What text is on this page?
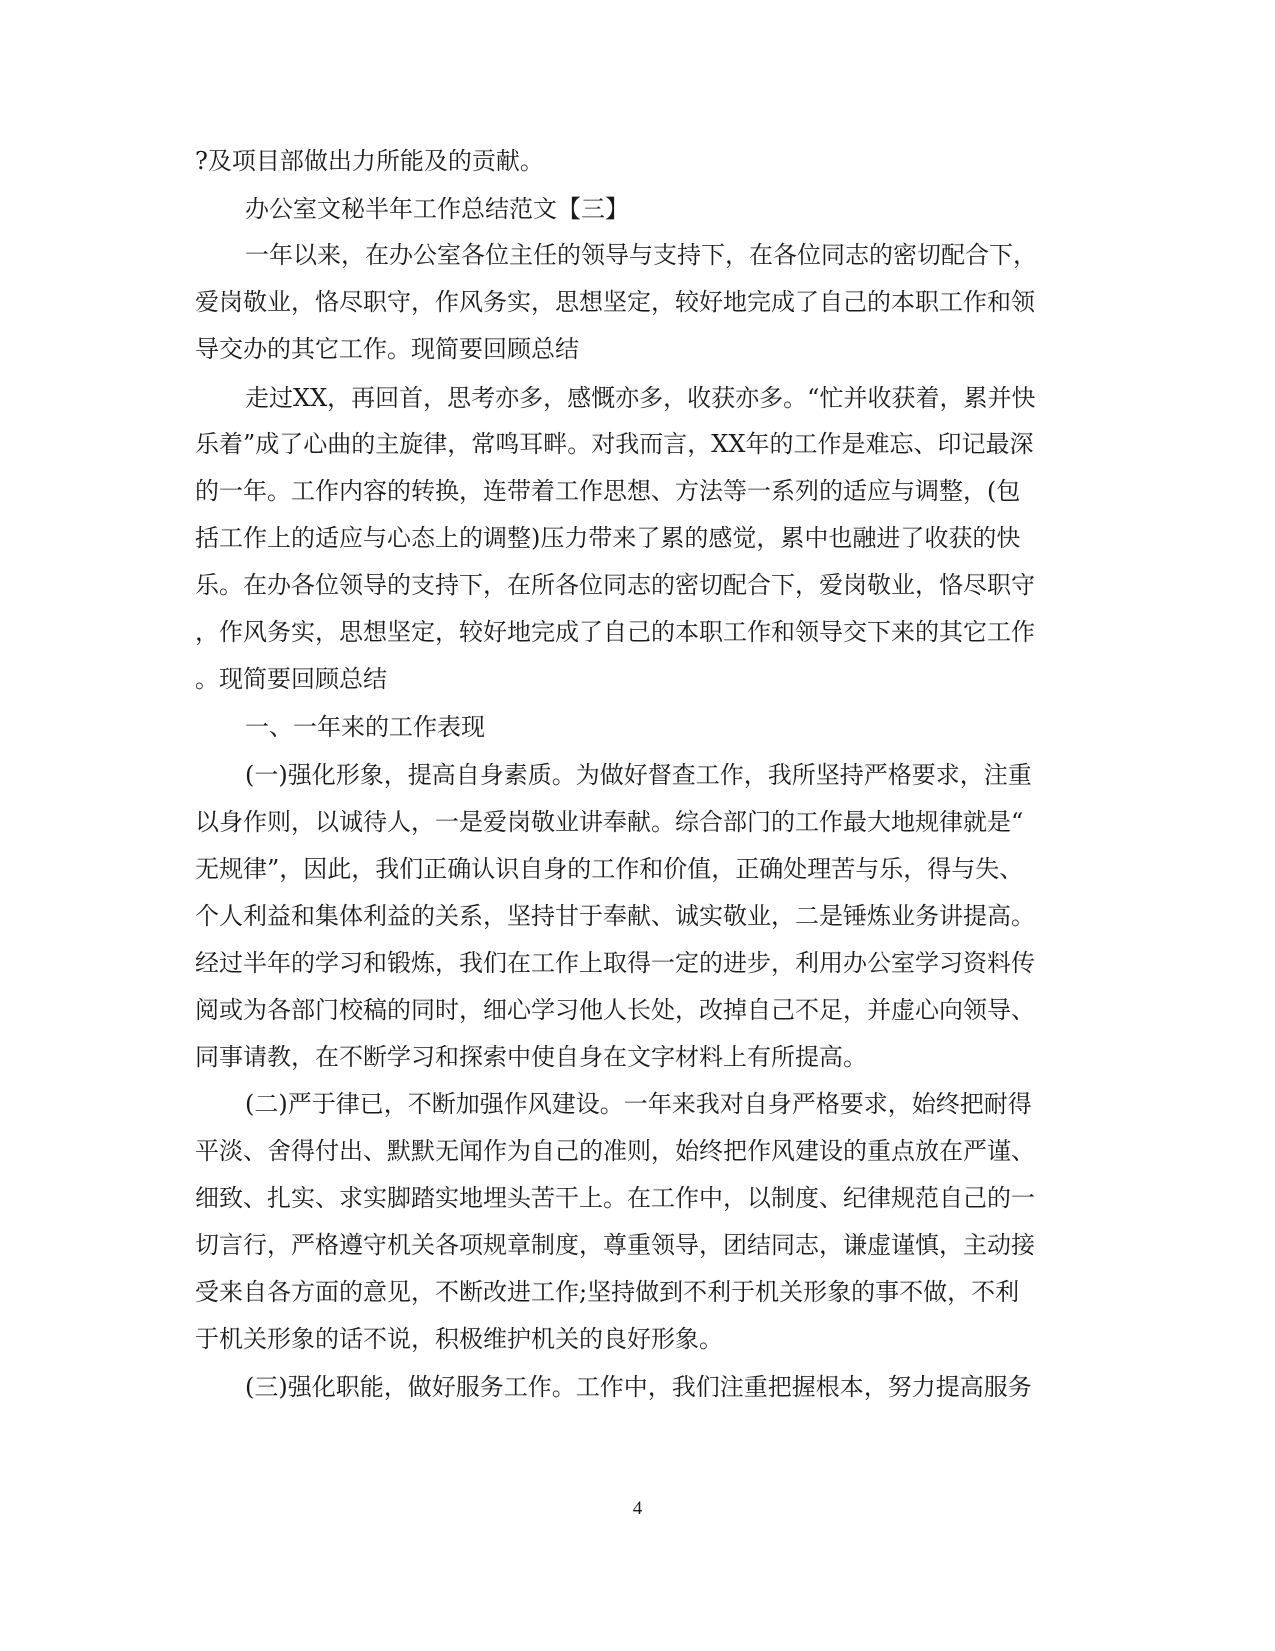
?及项目部做出力所能及的贡献。
办公室文秘半年工作总结范文【三】
一年以来，在办公室各位主任的领导与支持下，在各位同志的密切配合下，
爱岗敬业，恪尽职守，作风务实，思想坚定，较好地完成了自己的本职工作和领
导交办的其它工作。现简要回顾总结
走过XX，再回首，思考亦多，感慨亦多，收获亦多。“忙并收获着，累并快
乐着”成了心曲的主旋律，常鸣耳畔。对我而言，XX年的工作是难忘、印记最深
的一年。工作内容的转换，连带着工作思想、方法等一系列的适应与调整，(包
括工作上的适应与心态上的调整)压力带来了累的感觉，累中也融进了收获的快
乐。在办各位领导的支持下，在所各位同志的密切配合下，爱岗敬业，恪尽职守
，作风务实，思想坚定，较好地完成了自己的本职工作和领导交下来的其它工作
。现简要回顾总结
一、一年来的工作表现
(一)强化形象，提高自身素质。为做好督查工作，我所坚持严格要求，注重
以身作则，以诚待人，一是爱岗敬业讲奉献。综合部门的工作最大地规律就是“
无规律”，因此，我们正确认识自身的工作和价值，正确处理苦与乐，得与失、
个人利益和集体利益的关系，坚持甘于奉献、诚实敬业，二是锤炼业务讲提高。
经过半年的学习和锻炼，我们在工作上取得一定的进步，利用办公室学习资料传
阅或为各部门校稿的同时，细心学习他人长处，改掉自己不足，并虚心向领导、
同事请教，在不断学习和探索中使自身在文字材料上有所提高。
(二)严于律已，不断加强作风建设。一年来我对自身严格要求，始终把耐得
平淡、舍得付出、默默无闻作为自己的准则，始终把作风建设的重点放在严谨、
细致、扎实、求实脚踏实地埋头苦干上。在工作中，以制度、纪律规范自己的一
切言行，严格遵守机关各项规章制度，尊重领导，团结同志，谦虚谨慎，主动接
受来自各方面的意见，不断改进工作;坚持做到不利于机关形象的事不做，不利
于机关形象的话不说，积极维护机关的良好形象。
(三)强化职能，做好服务工作。工作中，我们注重把握根本，努力提高服务
4
